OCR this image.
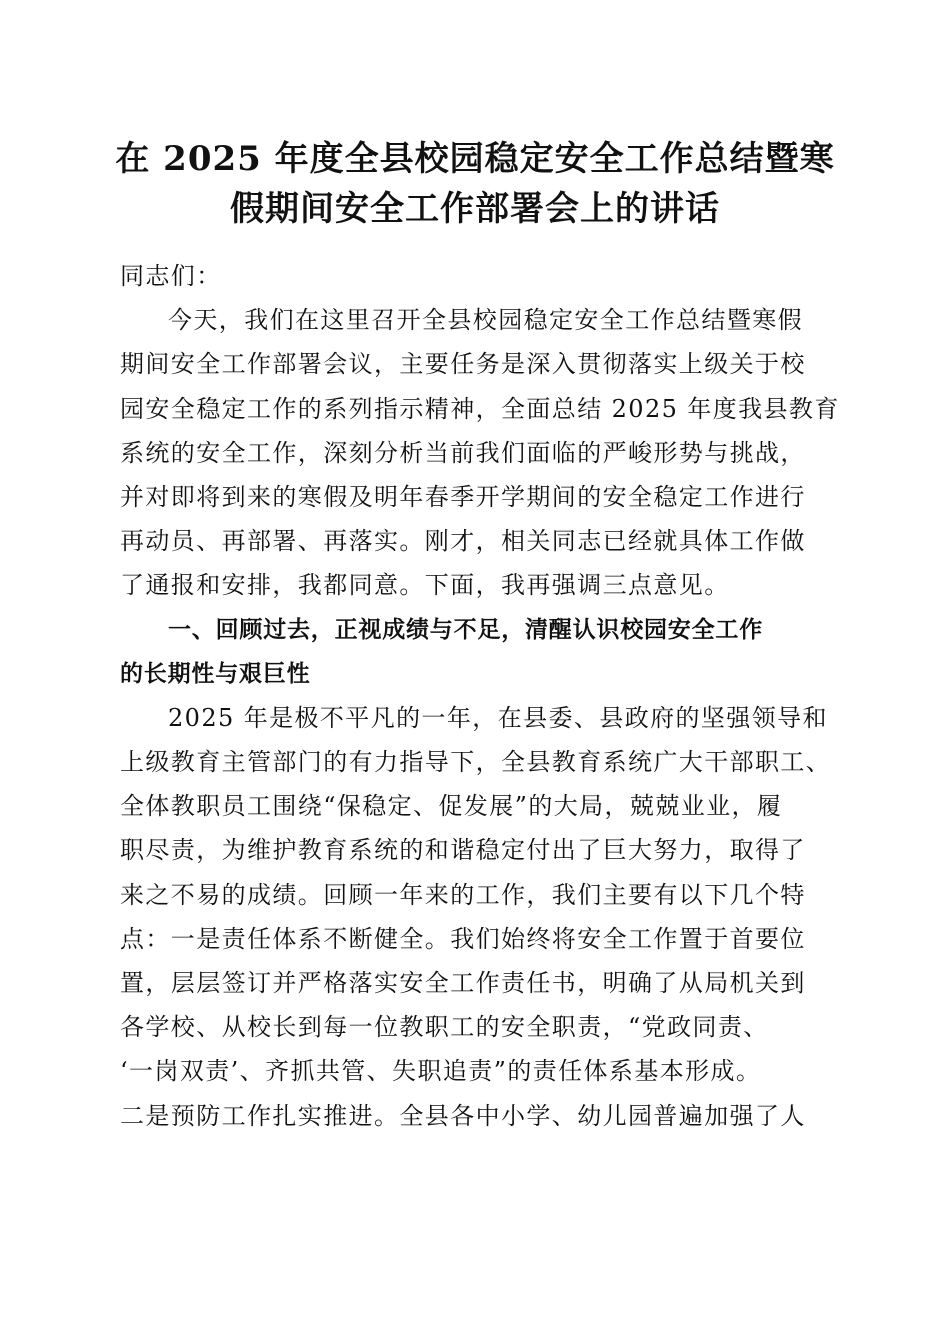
在 2025 年度全县校园稳定安全工作总结暨寒
假期间安全工作部署会上的讲话
同志们：
今天，我们在这里召开全县校园稳定安全工作总结暨寒假
期间安全工作部署会议，主要任务是深入贯彻落实上级关于校
园安全稳定工作的系列指示精神，全面总结 2025 年度我县教育
系统的安全工作，深刻分析当前我们面临的严峻形势与挑战，
并对即将到来的寒假及明年春季开学期间的安全稳定工作进行
再动员、再部署、再落实。刚才，相关同志已经就具体工作做
了通报和安排，我都同意。下面，我再强调三点意见。
一、回顾过去，正视成绩与不足，清醒认识校园安全工作
的长期性与艰巨性
2025 年是极不平凡的一年，在县委、县政府的坚强领导和
上级教育主管部门的有力指导下，全县教育系统广大干部职工、
全体教职员工围绕“保稳定、促发展”的大局，兢兢业业，履
职尽责，为维护教育系统的和谐稳定付出了巨大努力，取得了
来之不易的成绩。回顾一年来的工作，我们主要有以下几个特
点：一是责任体系不断健全。我们始终将安全工作置于首要位
置，层层签订并严格落实安全工作责任书，明确了从局机关到
各学校、从校长到每一位教职工的安全职责，“党政同责、
‘一岗双责’、齐抓共管、失职追责”的责任体系基本形成。
二是预防工作扎实推进。全县各中小学、幼儿园普遍加强了人
